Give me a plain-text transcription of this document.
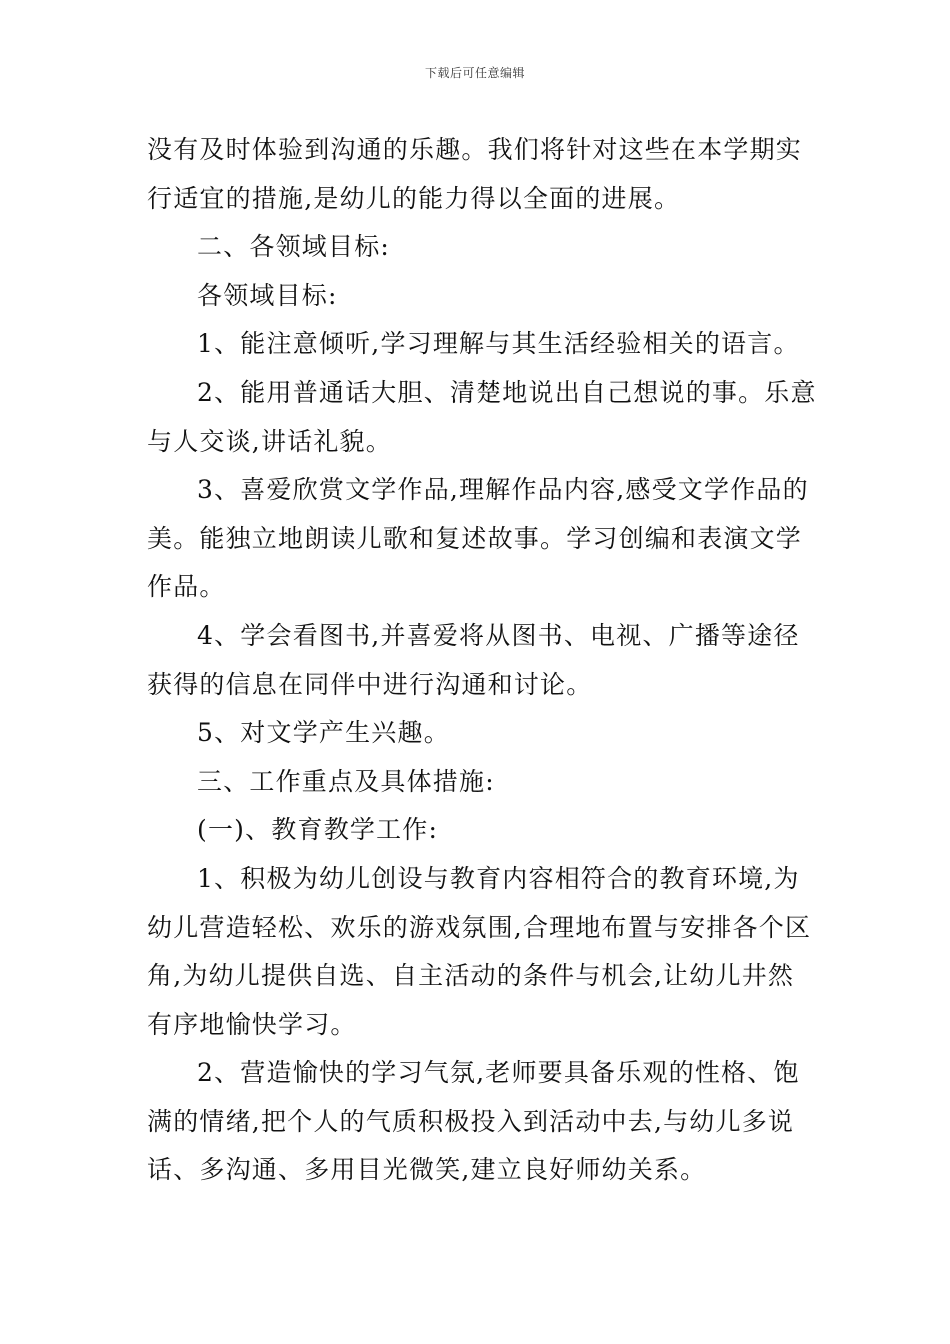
下载后可任意编辑
没有及时体验到沟通的乐趣。我们将针对这些在本学期实
行适宜的措施,是幼儿的能力得以全面的进展。
二、各领域目标:
各领域目标:
1、能注意倾听,学习理解与其生活经验相关的语言。
2、能用普通话大胆、清楚地说出自己想说的事。乐意
与人交谈,讲话礼貌。
3、喜爱欣赏文学作品,理解作品内容,感受文学作品的
美。能独立地朗读儿歌和复述故事。学习创编和表演文学
作品。
4、学会看图书,并喜爱将从图书、电视、广播等途径
获得的信息在同伴中进行沟通和讨论。
5、对文学产生兴趣。
三、工作重点及具体措施:
(一)、教育教学工作:
1、积极为幼儿创设与教育内容相符合的教育环境,为
幼儿营造轻松、欢乐的游戏氛围,合理地布置与安排各个区
角,为幼儿提供自选、自主活动的条件与机会,让幼儿井然
有序地愉快学习。
2、营造愉快的学习气氛,老师要具备乐观的性格、饱
满的情绪,把个人的气质积极投入到活动中去,与幼儿多说
话、多沟通、多用目光微笑,建立良好师幼关系。
